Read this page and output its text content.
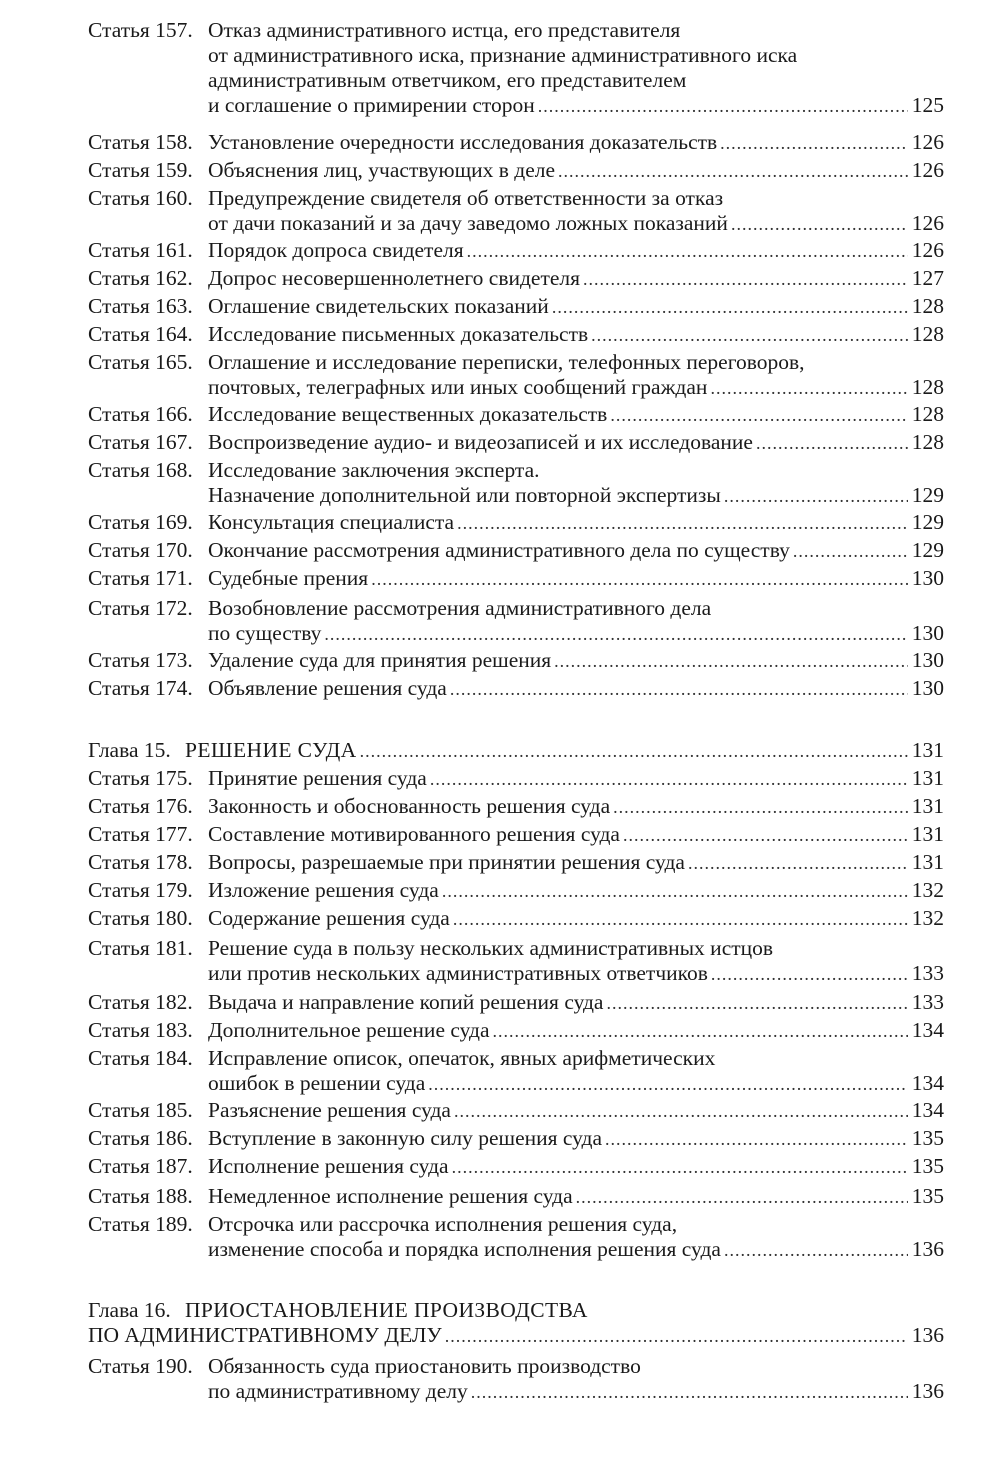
Статья 157. Отказ административного истца, его представителя
от административного иска, признание административного иска
административным ответчиком, его представителем
и соглашение о примирении сторон .....	125
Статья 158. Установление очередности исследования доказательств .....	126
Статья 159. Объяснения лиц, участвующих в деле .....	126
Статья 160. Предупреждение свидетеля об ответственности за отказ
от дачи показаний и за дачу заведомо ложных показаний .....	126
Статья 161. Порядок допроса свидетеля .....	126
Статья 162. Допрос несовершеннолетнего свидетеля .....	127
Статья 163. Оглашение свидетельских показаний .....	128
Статья 164. Исследование письменных доказательств .....	128
Статья 165. Оглашение и исследование переписки, телефонных переговоров,
почтовых, телеграфных или иных сообщений граждан .....	128
Статья 166. Исследование вещественных доказательств .....	128
Статья 167. Воспроизведение аудио- и видеозаписей и их исследование .....	128
Статья 168. Исследование заключения эксперта.
Назначение дополнительной или повторной экспертизы .....	129
Статья 169. Консультация специалиста .....	129
Статья 170. Окончание рассмотрения административного дела по существу .....	129
Статья 171. Судебные прения .....	130
Статья 172. Возобновление рассмотрения административного дела
по существу .....	130
Статья 173. Удаление суда для принятия решения .....	130
Статья 174. Объявление решения суда .....	130
Глава 15. РЕШЕНИЕ СУДА .....	131
Статья 175. Принятие решения суда .....	131
Статья 176. Законность и обоснованность решения суда .....	131
Статья 177. Составление мотивированного решения суда .....	131
Статья 178. Вопросы, разрешаемые при принятии решения суда .....	131
Статья 179. Изложение решения суда .....	132
Статья 180. Содержание решения суда .....	132
Статья 181. Решение суда в пользу нескольких административных истцов
или против нескольких административных ответчиков .....	133
Статья 182. Выдача и направление копий решения суда .....	133
Статья 183. Дополнительное решение суда .....	134
Статья 184. Исправление описок, опечаток, явных арифметических
ошибок в решении суда .....	134
Статья 185. Разъяснение решения суда .....	134
Статья 186. Вступление в законную силу решения суда .....	135
Статья 187. Исполнение решения суда .....	135
Статья 188. Немедленное исполнение решения суда .....	135
Статья 189. Отсрочка или рассрочка исполнения решения суда,
изменение способа и порядка исполнения решения суда .....	136
Глава 16. ПРИОСТАНОВЛЕНИЕ ПРОИЗВОДСТВА
ПО АДМИНИСТРАТИВНОМУ ДЕЛУ .....	136
Статья 190. Обязанность суда приостановить производство
по административному делу .....	136
